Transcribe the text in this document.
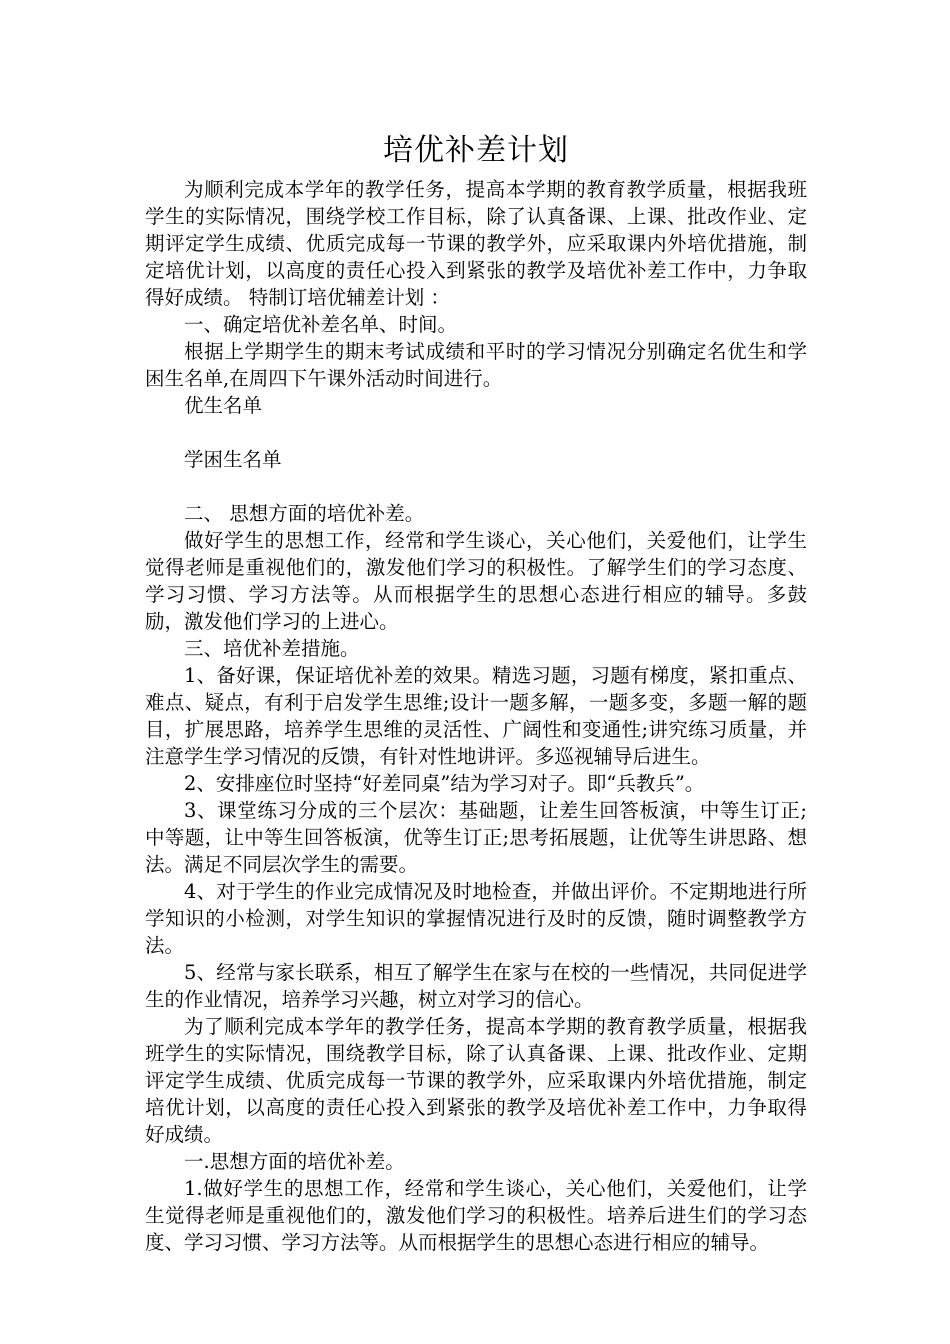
培优补差计划

为顺利完成本学年的教学任务，提高本学期的教育教学质量，根据我班学生的实际情况，围绕学校工作目标，除了认真备课、上课、批改作业、定期评定学生成绩、优质完成每一节课的教学外，应采取课内外培优措施，制定培优计划，以高度的责任心投入到紧张的教学及培优补差工作中，力争取得好成绩。 特制订培优辅差计划 ：

一、确定培优补差名单、时间。

根据上学期学生的期末考试成绩和平时的学习情况分别确定名优生和学困生名单,在周四下午课外活动时间进行。

优生名单

学困生名单

二、 思想方面的培优补差。

做好学生的思想工作，经常和学生谈心，关心他们，关爱他们，让学生觉得老师是重视他们的，激发他们学习的积极性。了解学生们的学习态度、学习习惯、学习方法等。从而根据学生的思想心态进行相应的辅导。多鼓励，激发他们学习的上进心。

三、培优补差措施。

1、备好课，保证培优补差的效果。精选习题，习题有梯度，紧扣重点、难点、疑点，有利于启发学生思维;设计一题多解，一题多变，多题一解的题目，扩展思路，培养学生思维的灵活性、广阔性和变通性;讲究练习质量，并注意学生学习情况的反馈，有针对性地讲评。多巡视辅导后进生。

2、安排座位时坚持“好差同桌”结为学习对子。即“兵教兵”。

3、课堂练习分成的三个层次：基础题，让差生回答板演，中等生订正;中等题，让中等生回答板演，优等生订正;思考拓展题，让优等生讲思路、想法。满足不同层次学生的需要。

4、对于学生的作业完成情况及时地检查，并做出评价。不定期地进行所学知识的小检测，对学生知识的掌握情况进行及时的反馈，随时调整教学方法。

5、经常与家长联系，相互了解学生在家与在校的一些情况，共同促进学生的作业情况，培养学习兴趣，树立对学习的信心。

为了顺利完成本学年的教学任务，提高本学期的教育教学质量，根据我班学生的实际情况，围绕教学目标，除了认真备课、上课、批改作业、定期评定学生成绩、优质完成每一节课的教学外，应采取课内外培优措施，制定培优计划，以高度的责任心投入到紧张的教学及培优补差工作中，力争取得好成绩。

一.思想方面的培优补差。

1.做好学生的思想工作，经常和学生谈心，关心他们，关爱他们，让学生觉得老师是重视他们的，激发他们学习的积极性。培养后进生们的学习态度、学习习惯、学习方法等。从而根据学生的思想心态进行相应的辅导。
